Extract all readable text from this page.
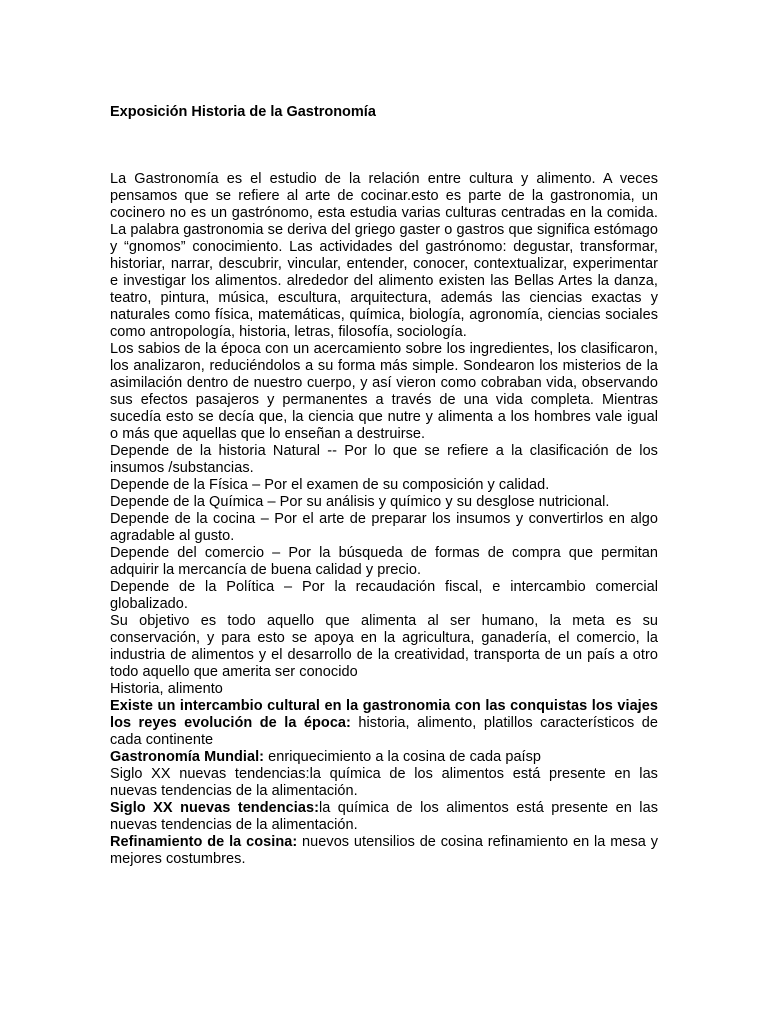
Exposición Historia de la Gastronomía

La Gastronomía es el estudio de la relación entre cultura y alimento. A veces pensamos que se refiere al arte de cocinar.esto es parte de la gastronomia, un cocinero no es un gastrónomo, esta estudia varias culturas centradas en la comida. La palabra gastronomia se deriva del griego gaster o gastros que significa estómago y “gnomos” conocimiento. Las actividades del gastrónomo: degustar, transformar, historiar, narrar, descubrir, vincular, entender, conocer, contextualizar, experimentar e investigar los alimentos. alrededor del alimento existen las Bellas Artes la danza, teatro, pintura, música, escultura, arquitectura, además las ciencias exactas y naturales como física, matemáticas, química, biología, agronomía, ciencias sociales como antropología, historia, letras, filosofía, sociología.

Los sabios de la época con un acercamiento sobre los ingredientes, los clasificaron, los analizaron, reduciéndolos a su forma más simple. Sondearon los misterios de la asimilación dentro de nuestro cuerpo, y así vieron como cobraban vida, observando sus efectos pasajeros y permanentes a través de una vida completa. Mientras sucedía esto se decía que, la ciencia que nutre y alimenta a los hombres vale igual o más que aquellas que lo enseñan a destruirse.

Depende de la historia Natural -- Por lo que se refiere a la clasificación de los insumos /substancias.

Depende de la Física – Por el examen de su composición y calidad.

Depende de la Química – Por su análisis y químico y su desglose nutricional.

Depende de la cocina – Por el arte de preparar los insumos y convertirlos en algo agradable al gusto.

Depende del comercio – Por la búsqueda de formas de compra que permitan adquirir la mercancía de buena calidad y precio.

Depende de la Política – Por la recaudación fiscal, e intercambio comercial globalizado.

Su objetivo es todo aquello que alimenta al ser humano, la meta es su conservación, y para esto se apoya en la agricultura, ganadería, el comercio, la industria de alimentos y el desarrollo de la creatividad, transporta de un país a otro todo aquello que amerita ser conocido

Historia, alimento

Existe un intercambio cultural en la gastronomia con las conquistas los viajes los reyes evolución de la época: historia, alimento, platillos característicos de cada continente

Gastronomía Mundial: enriquecimiento a la cosina de cada paísp

Siglo XX nuevas tendencias:la química de los alimentos está presente en las nuevas tendencias de la alimentación.

Siglo XX nuevas tendencias:la química de los alimentos está presente en las nuevas tendencias de la alimentación.

Refinamiento de la cosina: nuevos utensilios de cosina refinamiento en la mesa y mejores costumbres.
